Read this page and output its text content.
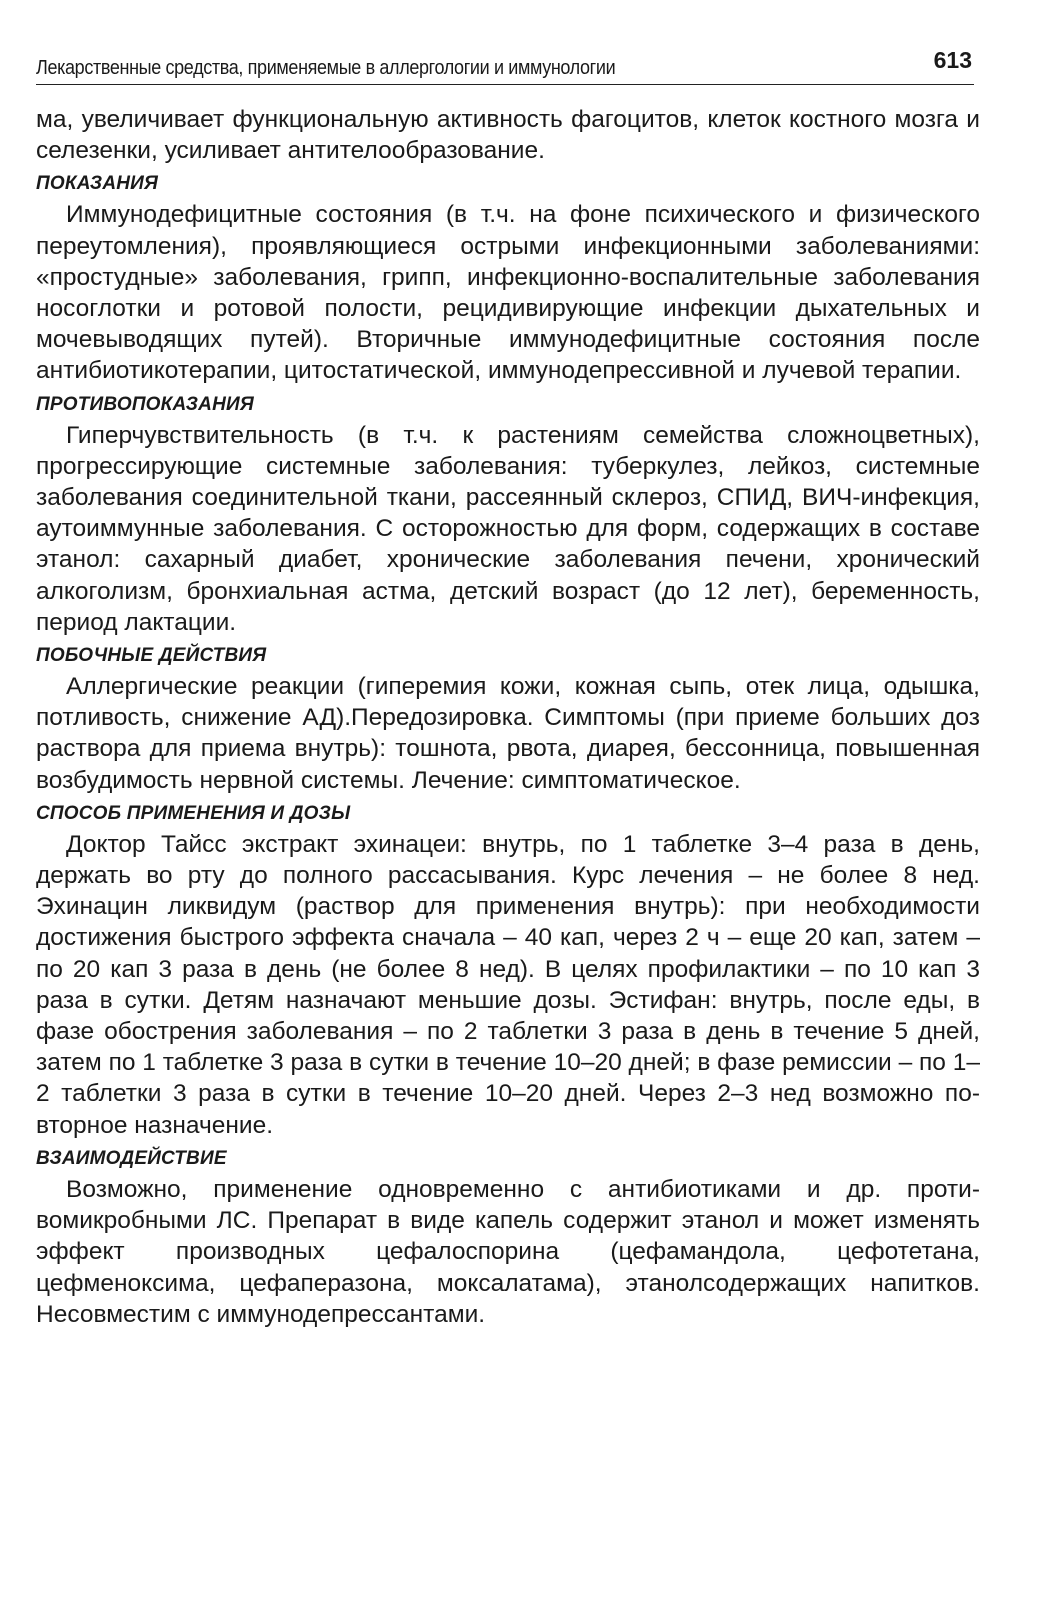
Лекарственные средства, применяемые в аллергологии и иммунологии	613

ма, увеличивает функциональную активность фагоцитов, клеток костного мозга и селезенки, усиливает антителообразование.

ПОКАЗАНИЯ

Иммунодефицитные состояния (в т.ч. на фоне психического и физического переутомления), проявляющиеся острыми инфекционными заболеваниями: «простудные» заболевания, грипп, инфекционно-воспалительные заболевания носоглотки и ротовой полости, рецидивирующие инфекции дыхательных и мочевыводящих путей). Вторичные иммунодефицитные состояния после антибиотикотерапии, цитостатической, иммунодепрессивной и лучевой терапии.

ПРОТИВОПОКАЗАНИЯ

Гиперчувствительность (в т.ч. к растениям семейства сложноцветных), прогрессирующие системные заболевания: туберкулез, лейкоз, системные заболевания соединительной ткани, рассеянный склероз, СПИД, ВИЧ-инфекция, аутоиммунные заболевания. С осторожностью для форм, содержащих в составе этанол: сахарный диабет, хронические заболевания печени, хронический алкоголизм, бронхиальная астма, детский возраст (до 12 лет), беременность, период лактации.

ПОБОЧНЫЕ ДЕЙСТВИЯ

Аллергические реакции (гиперемия кожи, кожная сыпь, отек лица, одышка, потливость, снижение АД).Передозировка. Симптомы (при приеме больших доз раствора для приема внутрь): тошнота, рвота, диарея, бессонница, повышенная возбудимость нервной системы. Лечение: симптоматическое.

СПОСОБ ПРИМЕНЕНИЯ И ДОЗЫ

Доктор Тайсс экстракт эхинацеи: внутрь, по 1 таблетке 3–4 раза в день, держать во рту до полного рассасывания. Курс лечения – не более 8 нед. Эхинацин ликвидум (раствор для применения внутрь): при необходимости достижения быстрого эффекта сначала – 40 кап, через 2 ч – еще 20 кап, затем – по 20 кап 3 раза в день (не более 8 нед). В целях профилактики – по 10 кап 3 раза в сутки. Детям назначают меньшие дозы. Эстифан: внутрь, после еды, в фазе обострения заболевания – по 2 таблетки 3 раза в день в течение 5 дней, затем по 1 таблетке 3 раза в сутки в течение 10–20 дней; в фазе ремиссии – по 1–2 таблетки 3 раза в сутки в течение 10–20 дней. Через 2–3 нед возможно повторное назначение.

ВЗАИМОДЕЙСТВИЕ

Возможно, применение одновременно с антибиотиками и др. противомикробными ЛС. Препарат в виде капель содержит этанол и может изменять эффект производных цефалоспорина (цефамандола, цефотетана, цефменоксима, цефаперазона, моксалатама), этанолсодержащих напитков. Несовместим с иммунодепрессантами.
